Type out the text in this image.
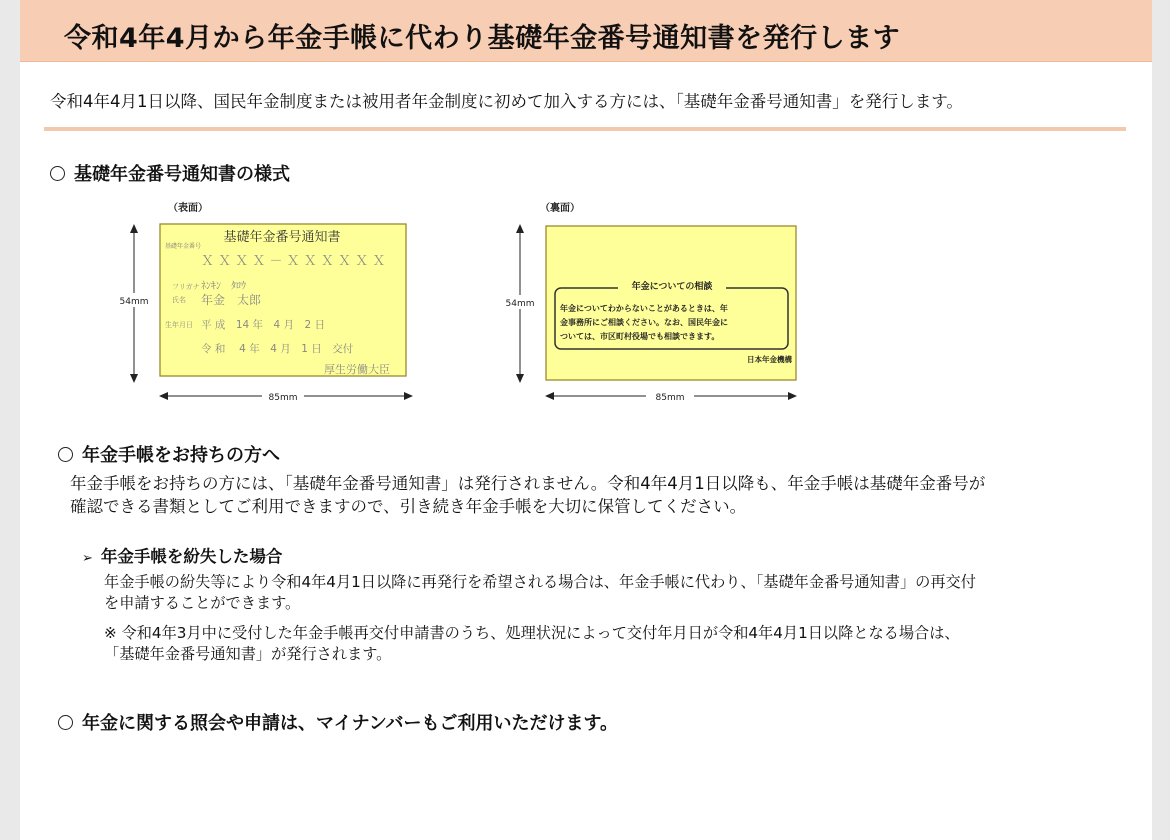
令和4年4月から年金手帳に代わり基礎年金番号通知書を発行します
令和4年4月1日以降、国民年金制度または被用者年金制度に初めて加入する方には、「基礎年金番号通知書」を発行します。
基礎年金番号通知書の様式
（表面）
基礎年金番号通知書
基礎年金番号
Ｘ Ｘ Ｘ Ｘ － Ｘ Ｘ Ｘ Ｘ Ｘ Ｘ
フリガナ ﾈﾝｷﾝ　ﾀﾛｳ
氏名 年金　太郎
生年月日 平 成　14 年　4 月　2 日
令 和　 4 年　4 月　1 日　交付
厚生労働大臣
54mm
85mm
（裏面）
年金についての相談
年金についてわからないことがあるときは、年
金事務所にご相談ください。なお、国民年金に
ついては、市区町村役場でも相談できます。
日本年金機構
54mm
85mm
年金手帳をお持ちの方へ
年金手帳をお持ちの方には、「基礎年金番号通知書」は発行されません。令和4年4月1日以降も、年金手帳は基礎年金番号が
確認できる書類としてご利用できますので、引き続き年金手帳を大切に保管してください。
➢ 年金手帳を紛失した場合
年金手帳の紛失等により令和4年4月1日以降に再発行を希望される場合は、年金手帳に代わり、「基礎年金番号通知書」の再交付
を申請することができます。
※ 令和4年3月中に受付した年金手帳再交付申請書のうち、処理状況によって交付年月日が令和4年4月1日以降となる場合は、
「基礎年金番号通知書」が発行されます。
年金に関する照会や申請は、マイナンバーもご利用いただけます。
